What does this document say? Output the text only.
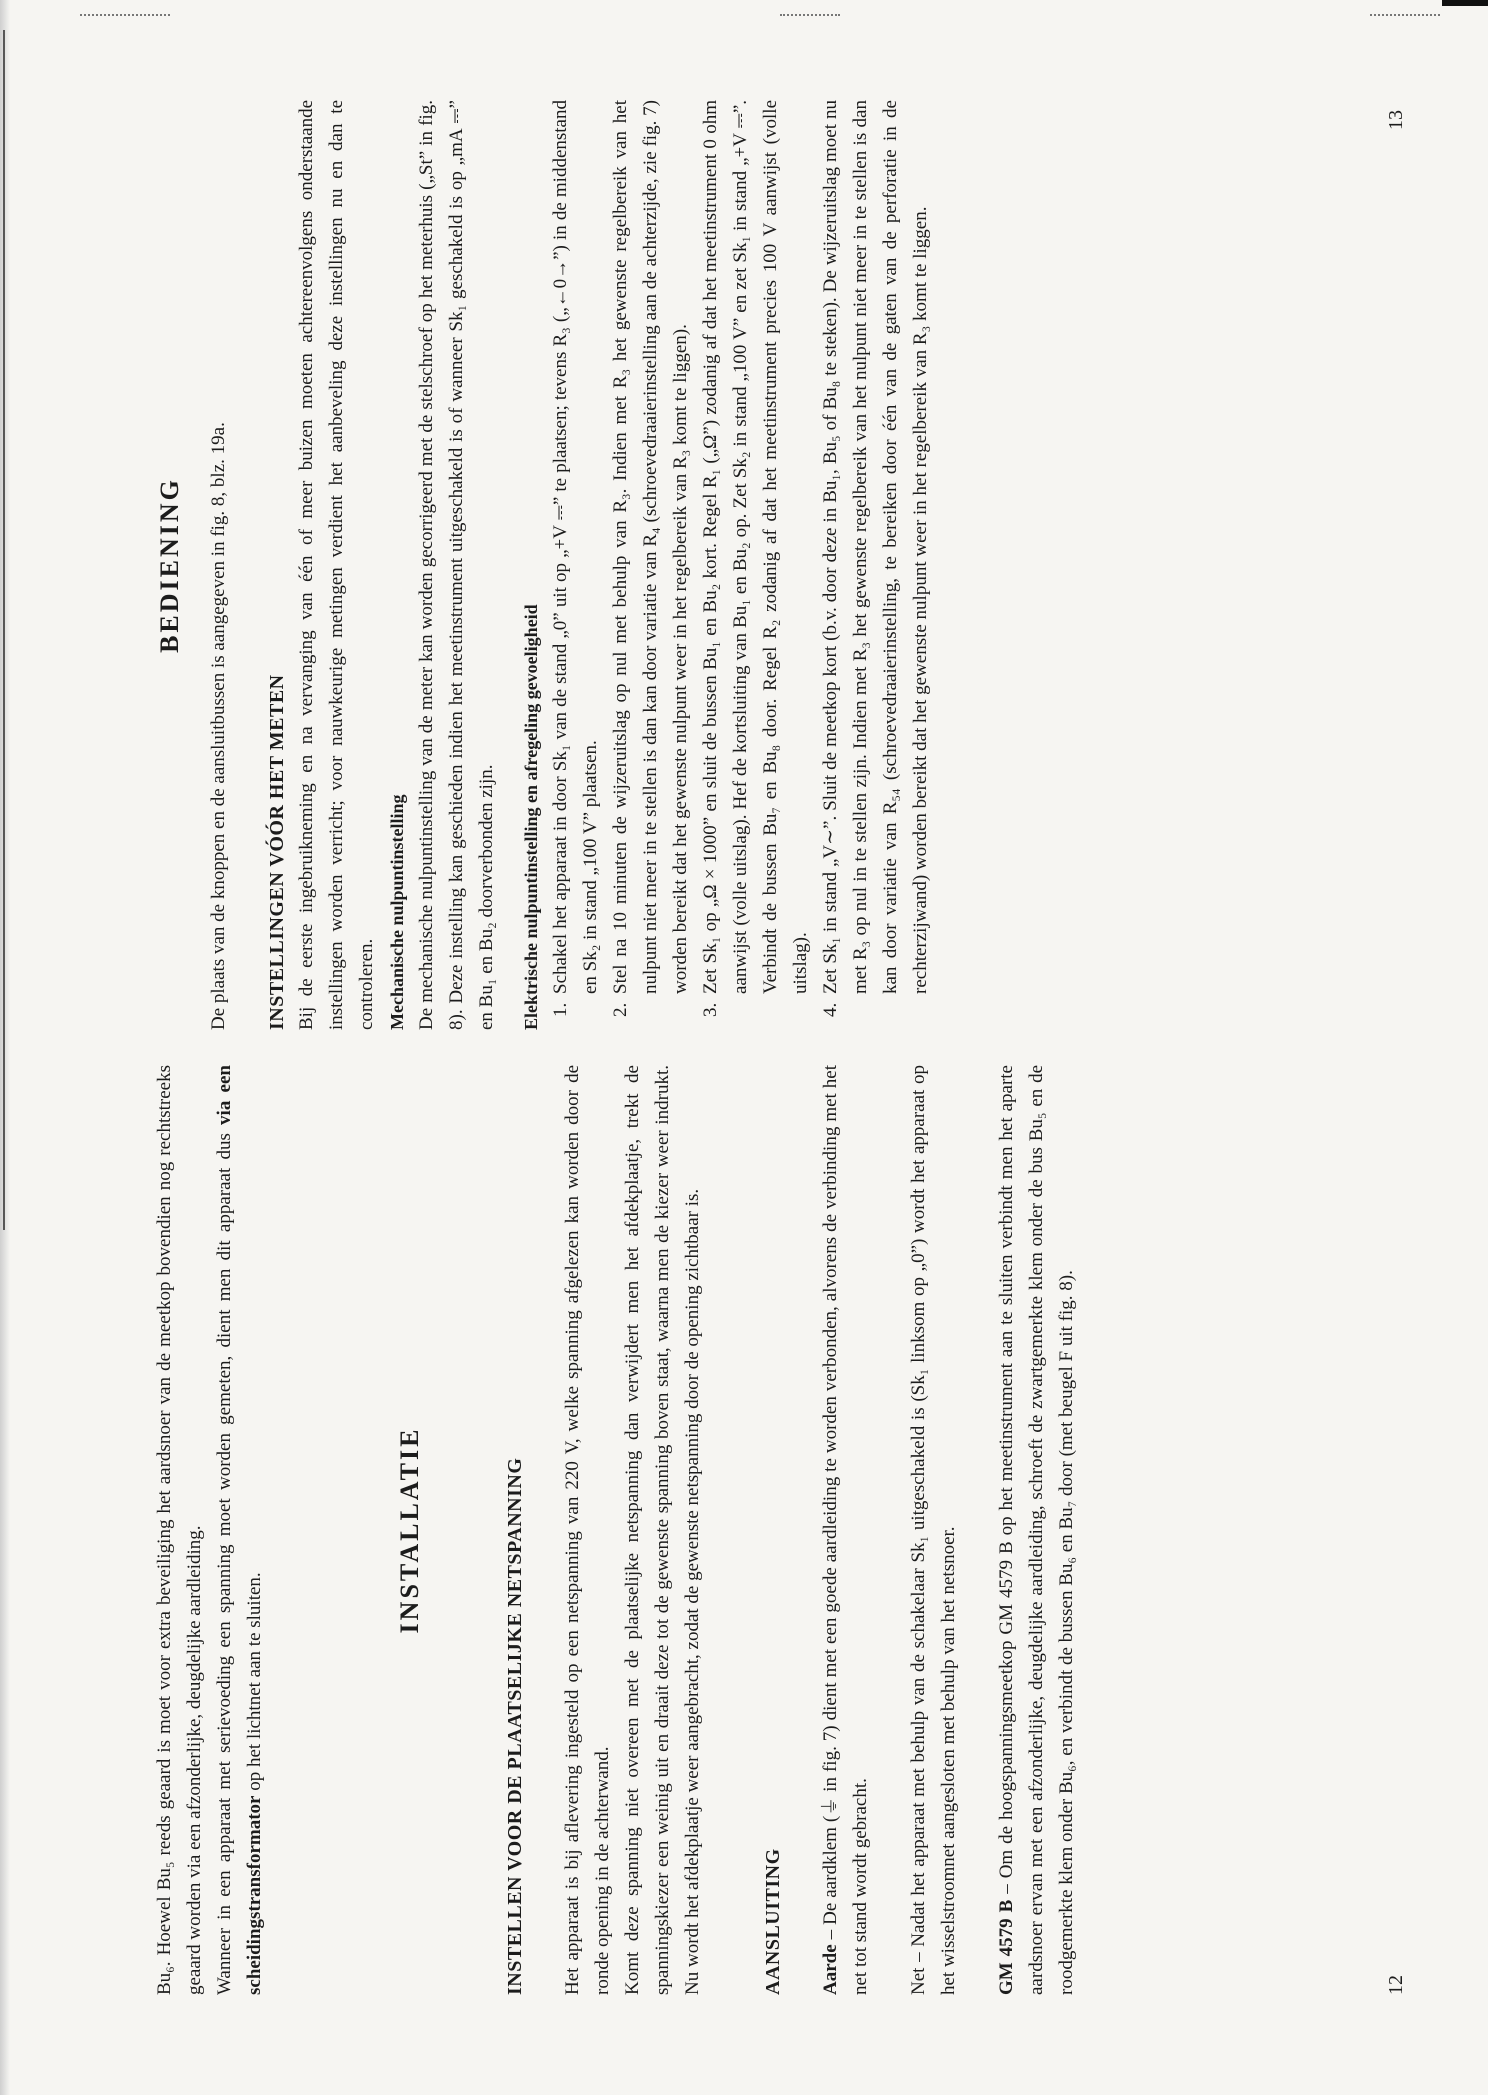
Bu₆. Hoewel Bu₅ reeds geaard is moet voor extra beveiliging het aardsnoer van de meetkop bovendien nog rechtstreeks geaard worden via een afzonderlijke, deugdelijke aardleiding. Wanneer in een apparaat met serievoeding een spanning moet worden gemeten, dient men dit apparaat dus via een scheidingstransformator op het lichtnet aan te sluiten.

INSTALLATIE	INSTELLEN VOOR DE PLAATSELIJKE NETSPANNING Het apparaat is bij aflevering ingesteld op een netspanning van 220 V, welke spanning afgelezen kan worden door de ronde opening in de achterwand. Komt deze spanning niet overeen met de plaatselijke netspanning dan verwijdert men het afdekplaatje, trekt de spanningskiezer een weinig uit en draait deze tot de gewenste spanning boven staat, waarna men de kiezer weer indrukt. Nu wordt het afdekplaatje weer aangebracht, zodat de gewenste netspanning door de opening zichtbaar is.	AANSLUITING Aarde – De aardklem (⏚ in fig. 7) dient met een goede aardleiding te worden verbonden, alvorens de verbinding met het net tot stand wordt gebracht. Net – Nadat het apparaat met behulp van de schakelaar Sk₁ uitgeschakeld is (Sk₁ linksom op „0”) wordt het apparaat op het wisselstroomnet aangesloten met behulp van het netsnoer. GM 4579 B – Om de hoogspanningsmeetkop GM 4579 B op het meetinstrument aan te sluiten verbindt men het aparte aardsnoer ervan met een afzonderlijke, deugdelijke aardleiding, schroeft de zwartgemerkte klem onder de bus Bu₅ en de roodgemerkte klem onder Bu₆, en verbindt de bussen Bu₆ en Bu₇ door (met beugel F uit fig. 8).	12

BEDIENING	De plaats van de knoppen en de aansluitbussen is aangegeven in fig. 8, blz. 19a. INSTELLINGEN VÓÓR HET METEN Bij de eerste ingebruikneming en na vervanging van één of meer buizen moeten achtereenvolgens onderstaande instellingen worden verricht; voor nauwkeurige metingen verdient het aanbeveling deze instellingen nu en dan te controleren. Mechanische nulpuntinstelling De mechanische nulpuntinstelling van de meter kan worden gecorrigeerd met de stelschroef op het meterhuis („St” in fig. 8). Deze instelling kan geschieden indien het meetinstrument uitgeschakeld is of wanneer Sk₁ geschakeld is op „mA ⎓” en Bu₁ en Bu₂ doorverbonden zijn. Elektrische nulpuntinstelling en afregeling gevoeligheid 1. Schakel het apparaat in door Sk₁ van de stand „0” uit op „+V ⎓” te plaatsen; tevens R₃ („←0→”) in de middenstand en Sk₂ in stand „100 V” plaatsen. 2. Stel na 10 minuten de wijzeruitslag op nul met behulp van R₃. Indien met R₃ het gewenste regelbereik van het nulpunt niet meer in te stellen is dan kan door variatie van R₄ (schroevedraaierinstelling aan de achterzijde, zie fig. 7) worden bereikt dat het gewenste nulpunt weer in het regelbereik van R₃ komt te liggen). 3. Zet Sk₁ op „Ω × 1000” en sluit de bussen Bu₁ en Bu₂ kort. Regel R₁ („Ω”) zodanig af dat het meetinstrument 0 ohm aanwijst (volle uitslag). Hef de kortsluiting van Bu₁ en Bu₂ op. Zet Sk₂ in stand „100 V” en zet Sk₁ in stand „+V ⎓”. Verbindt de bussen Bu₇ en Bu₈ door. Regel R₂ zodanig af dat het meetinstrument precies 100 V aanwijst (volle uitslag). 4. Zet Sk₁ in stand „V∼”. Sluit de meetkop kort (b.v. door deze in Bu₁, Bu₅ of Bu₈ te steken). De wijzeruitslag moet nu met R₃ op nul in te stellen zijn. Indien met R₃ het gewenste regelbereik van het nulpunt niet meer in te stellen is dan kan door variatie van R₅₄ (schroevedraaierinstelling, te bereiken door één van de gaten van de perforatie in de rechterzijwand) worden bereikt dat het gewenste nulpunt weer in het regelbereik van R₃ komt te liggen.
13
